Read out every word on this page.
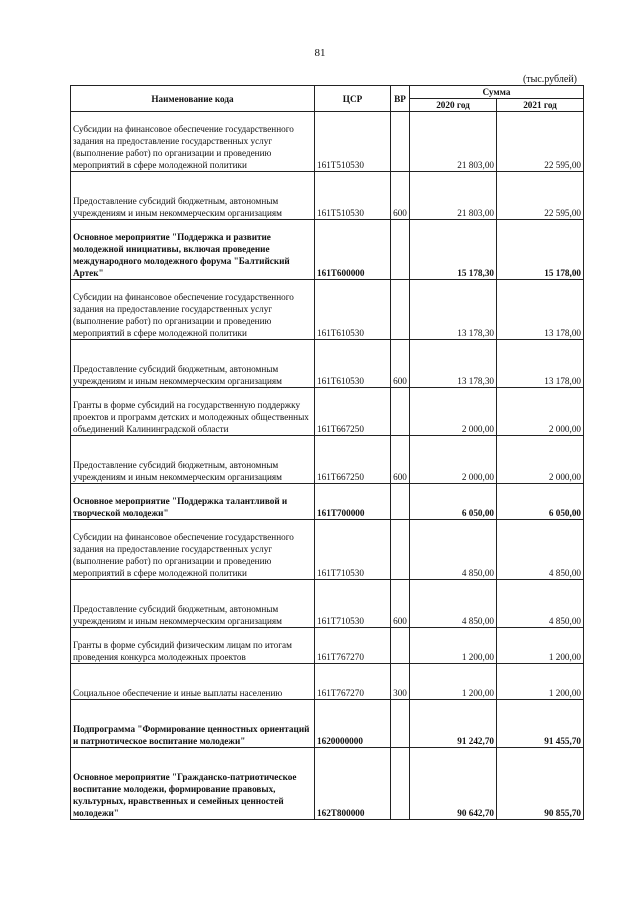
81
(тыс.рублей)
Наименование кода	ЦСР	ВР	Сумма	
			2020 год	2021 год
Субсидии на финансовое обеспечение государственного задания на предоставление государственных услуг (выполнение работ) по организации и проведению мероприятий в сфере молодежной политики	161Т510530		21 803,00	22 595,00
Предоставление субсидий бюджетным, автономным учреждениям и иным некоммерческим организациям	161Т510530	600	21 803,00	22 595,00
Основное мероприятие "Поддержка и развитие молодежной инициативы, включая проведение международного молодежного форума "Балтийский Артек"	161Т600000		15 178,30	15 178,00
Субсидии на финансовое обеспечение государственного задания на предоставление государственных услуг (выполнение работ) по организации и проведению мероприятий в сфере молодежной политики	161Т610530		13 178,30	13 178,00
Предоставление субсидий бюджетным, автономным учреждениям и иным некоммерческим организациям	161Т610530	600	13 178,30	13 178,00
Гранты в форме субсидий на государственную поддержку проектов и программ детских и молодежных общественных объединений Калининградской области	161Т667250		2 000,00	2 000,00
Предоставление субсидий бюджетным, автономным учреждениям и иным некоммерческим организациям	161Т667250	600	2 000,00	2 000,00
Основное мероприятие "Поддержка талантливой и творческой молодежи"	161Т700000		6 050,00	6 050,00
Субсидии на финансовое обеспечение государственного задания на предоставление государственных услуг (выполнение работ) по организации и проведению мероприятий в сфере молодежной политики	161Т710530		4 850,00	4 850,00
Предоставление субсидий бюджетным, автономным учреждениям и иным некоммерческим организациям	161Т710530	600	4 850,00	4 850,00
Гранты в форме субсидий физическим лицам по итогам проведения конкурса молодежных проектов	161Т767270		1 200,00	1 200,00
Социальное обеспечение и иные выплаты населению	161Т767270	300	1 200,00	1 200,00
Подпрограмма "Формирование ценностных ориентаций и патриотическое воспитание молодежи"	1620000000		91 242,70	91 455,70
Основное мероприятие "Гражданско-патриотическое воспитание молодежи, формирование правовых, культурных, нравственных и семейных ценностей молодежи"	162Т800000		90 642,70	90 855,70
